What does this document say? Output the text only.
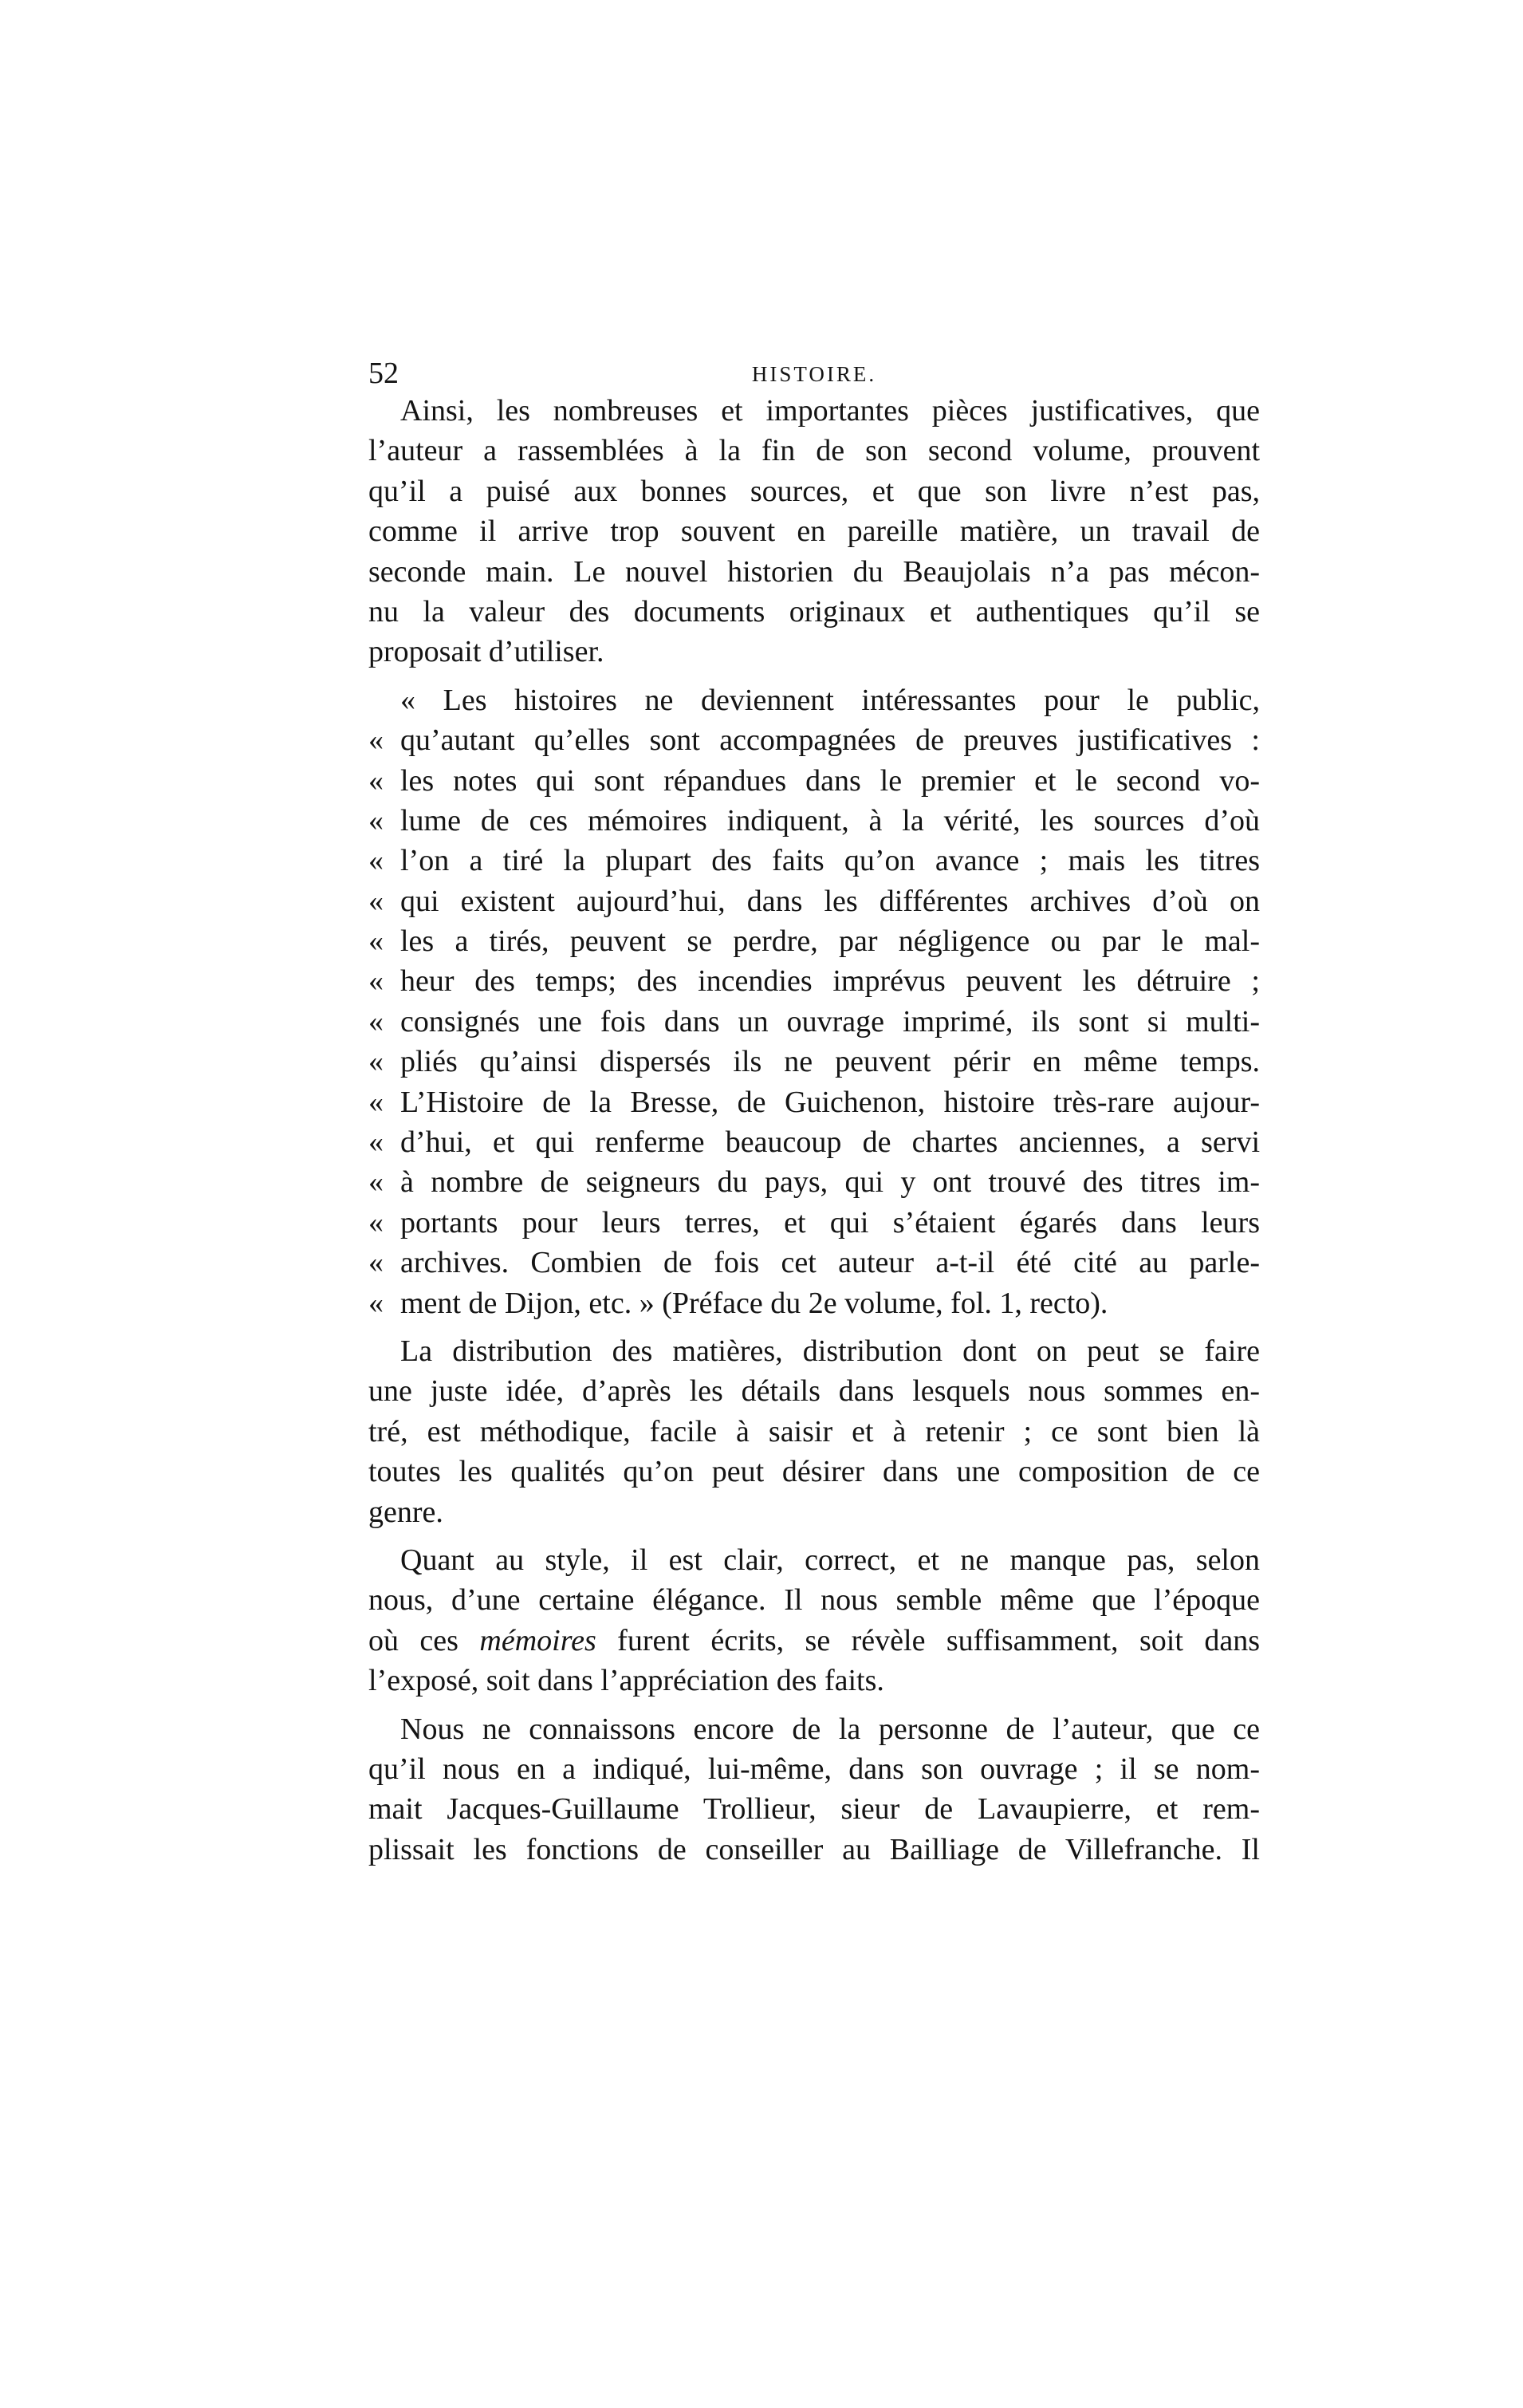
52	HISTOIRE.
Ainsi, les nombreuses et importantes pièces justificatives, que
l’auteur a rassemblées à la fin de son second volume, prouvent
qu’il a puisé aux bonnes sources, et que son livre n’est pas,
comme il arrive trop souvent en pareille matière, un travail de
seconde main. Le nouvel historien du Beaujolais n’a pas mécon-
nu la valeur des documents originaux et authentiques qu’il se
proposait d’utiliser.
« Les histoires ne deviennent intéressantes pour le public,
« qu’autant qu’elles sont accompagnées de preuves justificatives :
« les notes qui sont répandues dans le premier et le second vo-
« lume de ces mémoires indiquent, à la vérité, les sources d’où
« l’on a tiré la plupart des faits qu’on avance ; mais les titres
« qui existent aujourd’hui, dans les différentes archives d’où on
« les a tirés, peuvent se perdre, par négligence ou par le mal-
« heur des temps; des incendies imprévus peuvent les détruire ;
« consignés une fois dans un ouvrage imprimé, ils sont si multi-
« pliés qu’ainsi dispersés ils ne peuvent périr en même temps.
« L’Histoire de la Bresse, de Guichenon, histoire très-rare aujour-
« d’hui, et qui renferme beaucoup de chartes anciennes, a servi
« à nombre de seigneurs du pays, qui y ont trouvé des titres im-
« portants pour leurs terres, et qui s’étaient égarés dans leurs
« archives. Combien de fois cet auteur a-t-il été cité au parle-
« ment de Dijon, etc. » (Préface du 2e volume, fol. 1, recto).
La distribution des matières, distribution dont on peut se faire
une juste idée, d’après les détails dans lesquels nous sommes en-
tré, est méthodique, facile à saisir et à retenir ; ce sont bien là
toutes les qualités qu’on peut désirer dans une composition de ce
genre.
Quant au style, il est clair, correct, et ne manque pas, selon
nous, d’une certaine élégance. Il nous semble même que l’époque
où ces mémoires furent écrits, se révèle suffisamment, soit dans
l’exposé, soit dans l’appréciation des faits.
Nous ne connaissons encore de la personne de l’auteur, que ce
qu’il nous en a indiqué, lui-même, dans son ouvrage ; il se nom-
mait Jacques-Guillaume Trollieur, sieur de Lavaupierre, et rem-
plissait les fonctions de conseiller au Bailliage de Villefranche. Il
